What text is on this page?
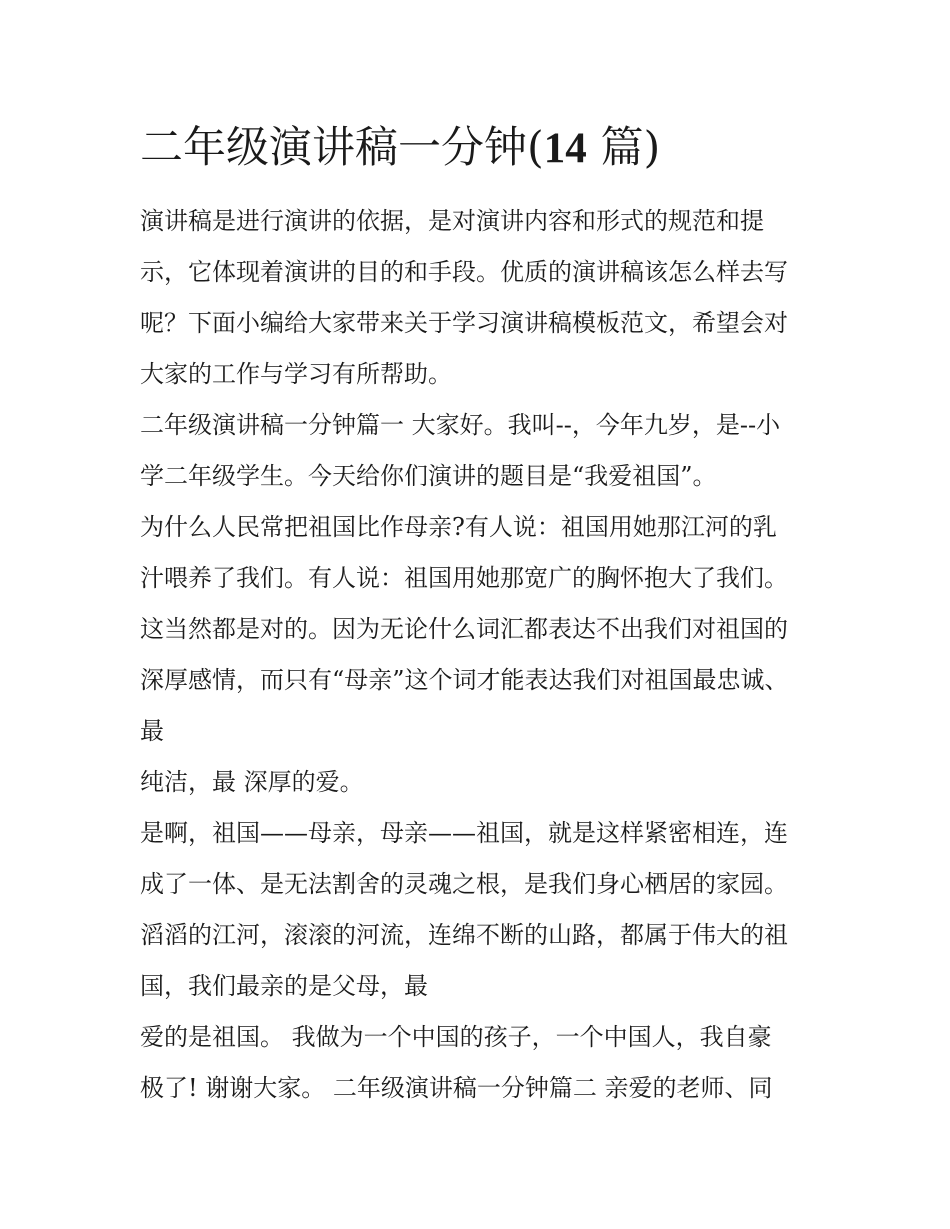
二年级演讲稿一分钟(14 篇)
演讲稿是进行演讲的依据，是对演讲内容和形式的规范和提
示，它体现着演讲的目的和手段。优质的演讲稿该怎么样去写
呢？下面小编给大家带来关于学习演讲稿模板范文，希望会对
大家的工作与学习有所帮助。
二年级演讲稿一分钟篇一 大家好。我叫--，今年九岁，是--小
学二年级学生。今天给你们演讲的题目是“我爱祖国”。
为什么人民常把祖国比作母亲?有人说：祖国用她那江河的乳
汁喂养了我们。有人说：祖国用她那宽广的胸怀抱大了我们。
这当然都是对的。因为无论什么词汇都表达不出我们对祖国的
深厚感情，而只有“母亲”这个词才能表达我们对祖国最忠诚、
最
纯洁，最 深厚的爱。
是啊，祖国——母亲，母亲——祖国，就是这样紧密相连，连
成了一体、是无法割舍的灵魂之根，是我们身心栖居的家园。
滔滔的江河，滚滚的河流，连绵不断的山路，都属于伟大的祖
国，我们最亲的是父母，最
爱的是祖国。 我做为一个中国的孩子，一个中国人，我自豪
极了! 谢谢大家。 二年级演讲稿一分钟篇二 亲爱的老师、同
